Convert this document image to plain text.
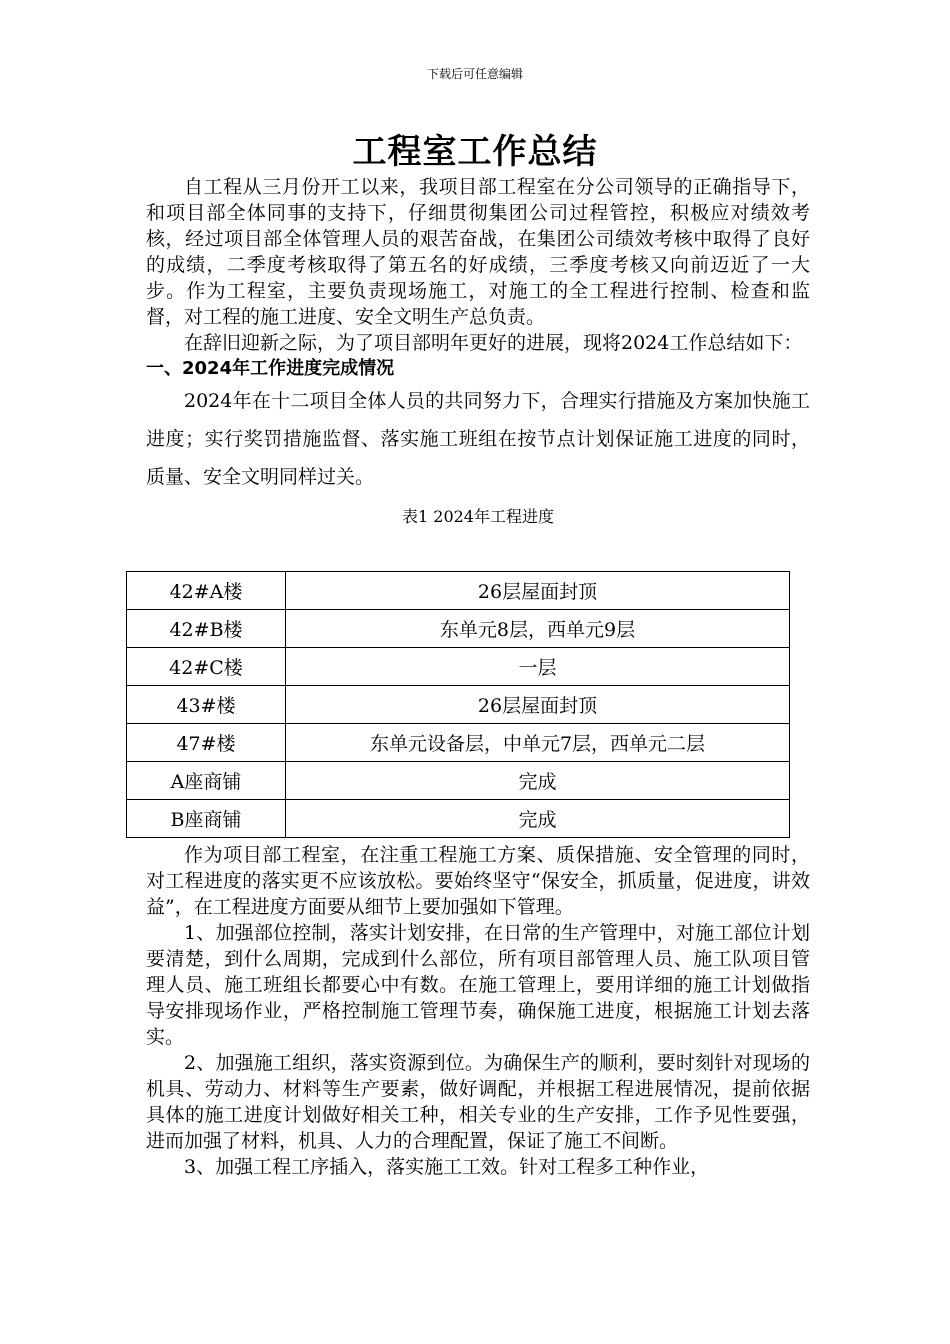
下载后可任意编辑
工程室工作总结

自工程从三月份开工以来，我项目部工程室在分公司领导的正确指导下，和项目部全体同事的支持下，仔细贯彻集团公司过程管控，积极应对绩效考核，经过项目部全体管理人员的艰苦奋战，在集团公司绩效考核中取得了良好的成绩，二季度考核取得了第五名的好成绩，三季度考核又向前迈近了一大步。作为工程室，主要负责现场施工，对施工的全工程进行控制、检查和监督，对工程的施工进度、安全文明生产总负责。

在辞旧迎新之际，为了项目部明年更好的进展，现将2024工作总结如下：

一、2024年工作进度完成情况

2024年在十二项目全体人员的共同努力下，合理实行措施及方案加快施工进度；实行奖罚措施监督、落实施工班组在按节点计划保证施工进度的同时，质量、安全文明同样过关。

表1 2024年工程进度
42#A楼	26层屋面封顶
42#B楼	东单元8层，西单元9层
42#C楼	一层
43#楼	26层屋面封顶
47#楼	东单元设备层，中单元7层，西单元二层
A座商铺	完成
B座商铺	完成

作为项目部工程室，在注重工程施工方案、质保措施、安全管理的同时，对工程进度的落实更不应该放松。要始终坚守“保安全，抓质量，促进度，讲效益”，在工程进度方面要从细节上要加强如下管理。

1、加强部位控制，落实计划安排，在日常的生产管理中，对施工部位计划要清楚，到什么周期，完成到什么部位，所有项目部管理人员、施工队项目管理人员、施工班组长都要心中有数。在施工管理上，要用详细的施工计划做指导安排现场作业，严格控制施工管理节奏，确保施工进度，根据施工计划去落实。

2、加强施工组织，落实资源到位。为确保生产的顺利，要时刻针对现场的机具、劳动力、材料等生产要素，做好调配，并根据工程进展情况，提前依据具体的施工进度计划做好相关工种，相关专业的生产安排，工作予见性要强，进而加强了材料，机具、人力的合理配置，保证了施工不间断。

3、加强工程工序插入，落实施工工效。针对工程多工种作业，
